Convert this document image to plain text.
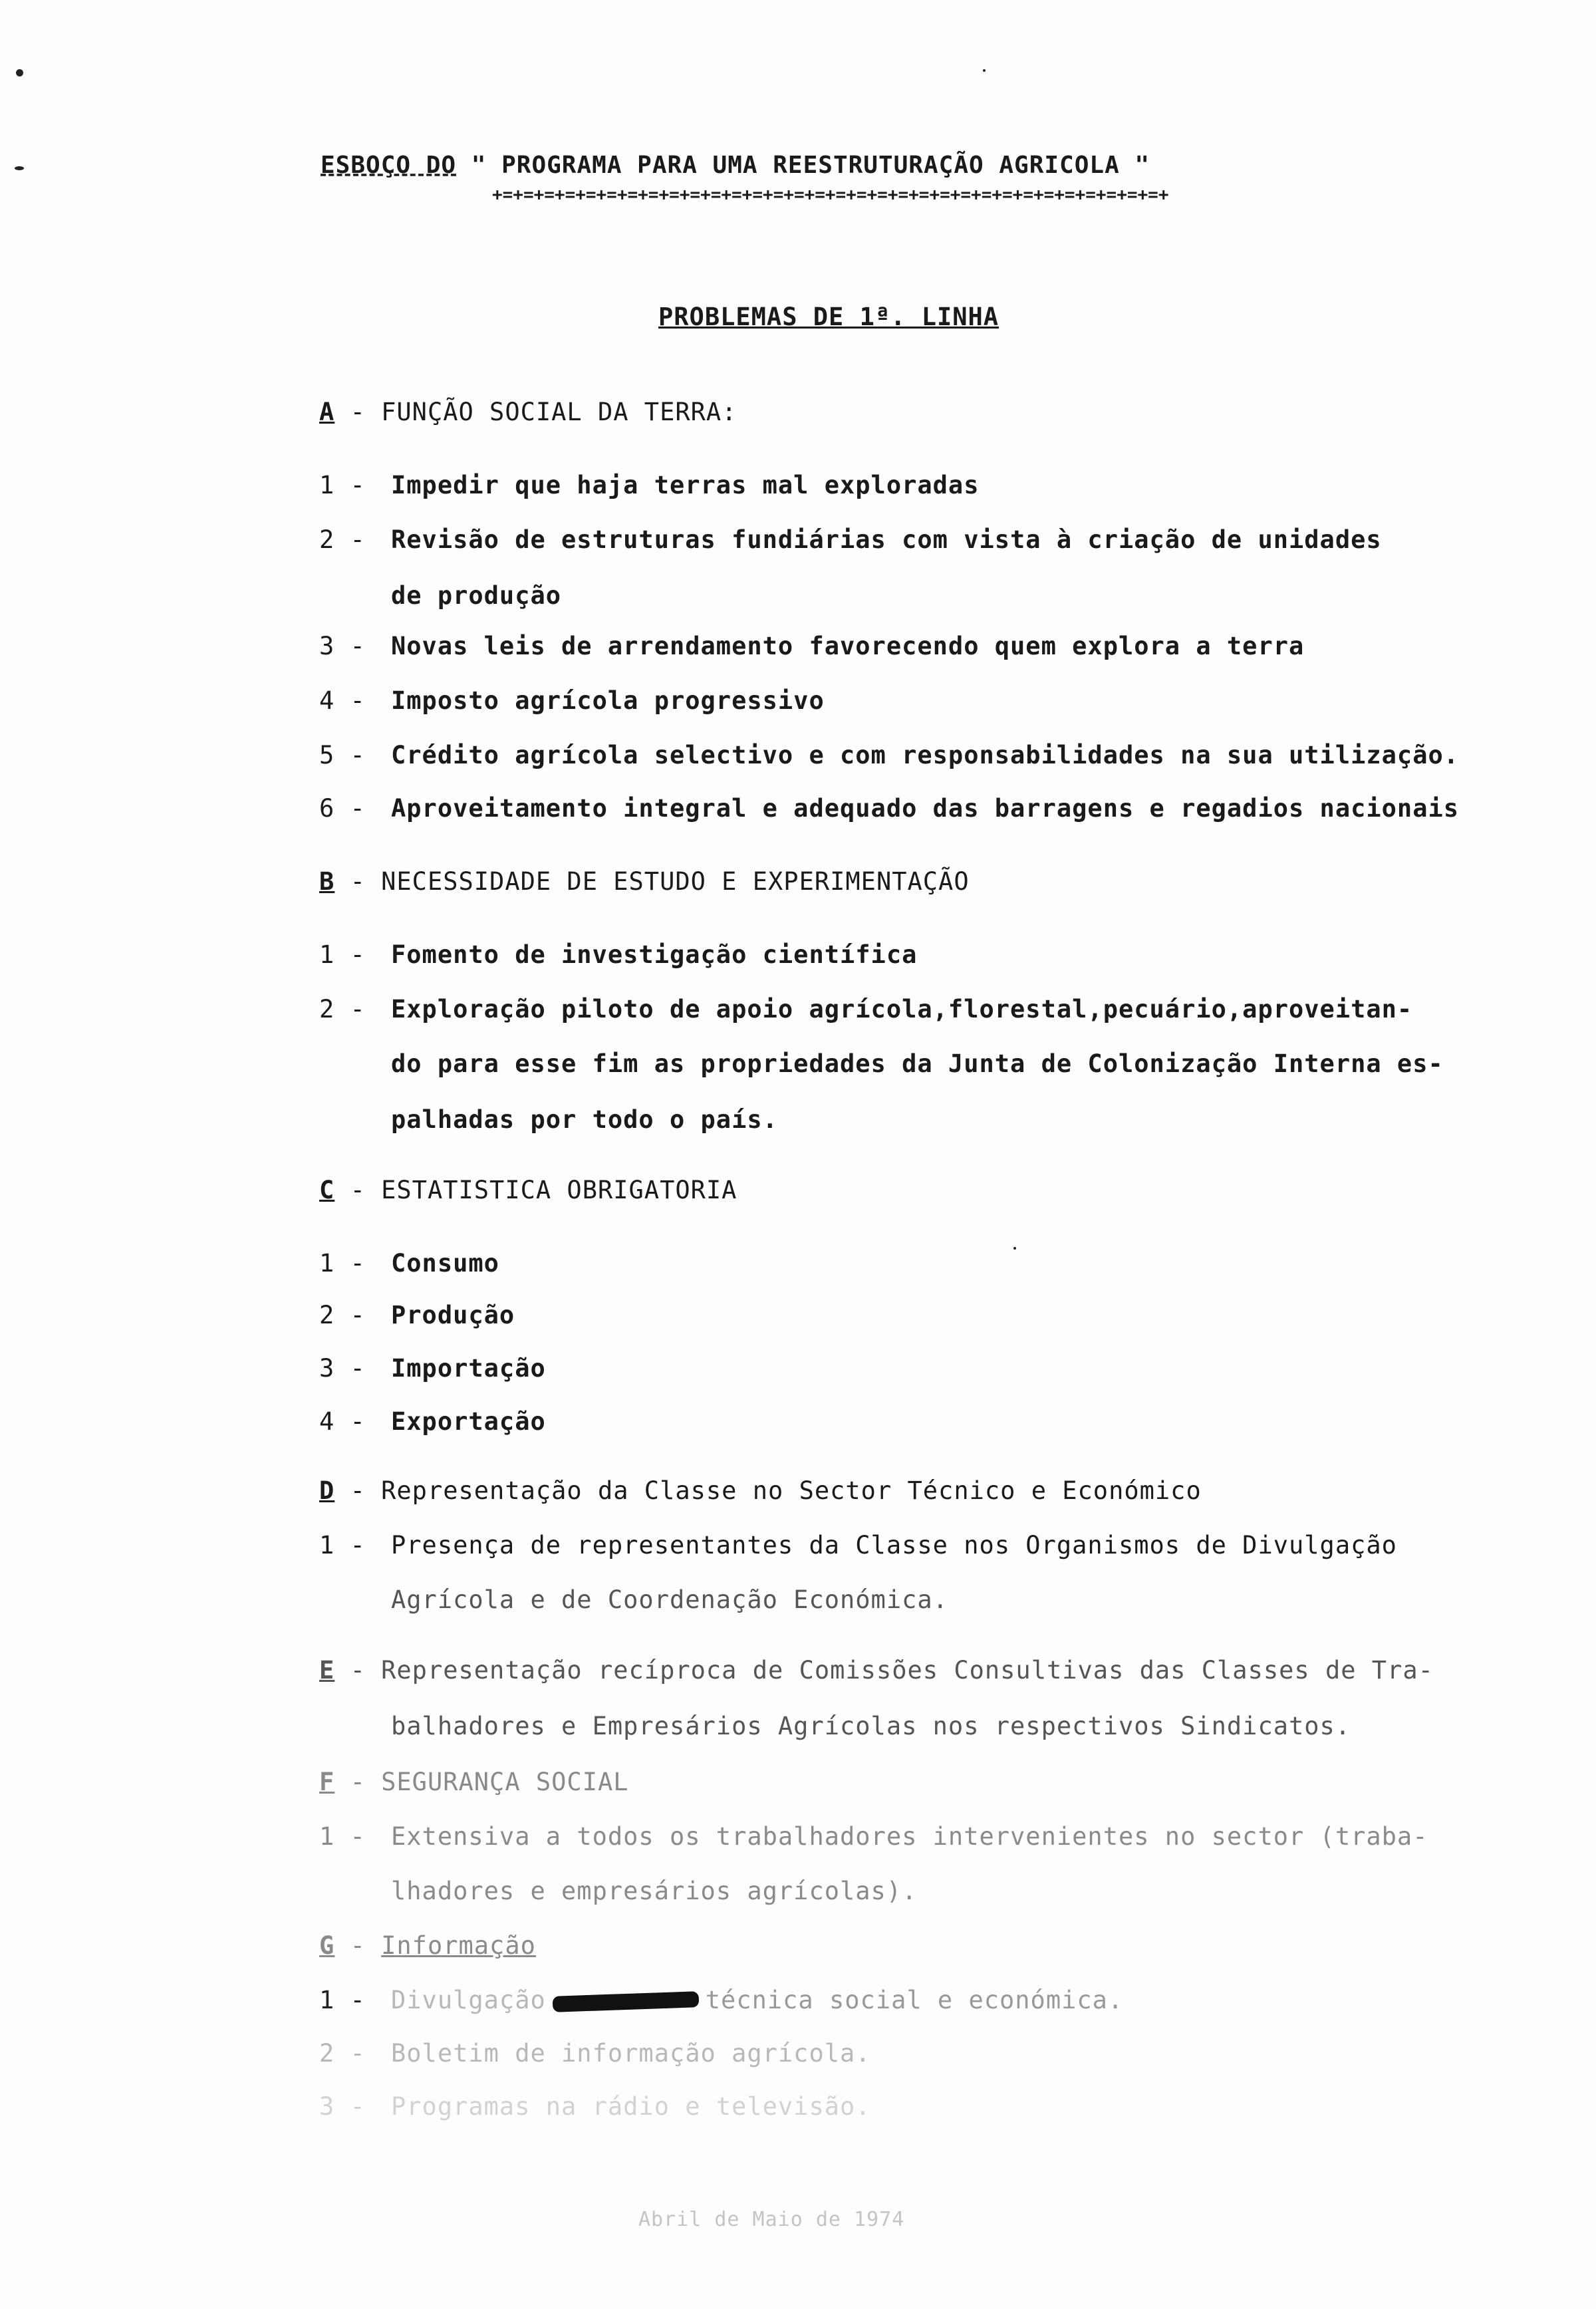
ESBOÇO DO " PROGRAMA PARA UMA REESTRUTURAÇÃO AGRICOLA "
+=+=+=+=+=+=+=+=+=+=+=+=+=+=+=+=+=+=+=+=+=+=+=+=+=+=+=+=+=+=+=+=+
PROBLEMAS DE 1ª. LINHA
A - FUNÇÃO SOCIAL DA TERRA:
1 - Impedir que haja terras mal exploradas
2 - Revisão de estruturas fundiárias com vista à criação de unidades
de produção
3 - Novas leis de arrendamento favorecendo quem explora a terra
4 - Imposto agrícola progressivo
5 - Crédito agrícola selectivo e com responsabilidades na sua utilização.
6 - Aproveitamento integral e adequado das barragens e regadios nacionais
B - NECESSIDADE DE ESTUDO E EXPERIMENTAÇÃO
1 - Fomento de investigação científica
2 - Exploração piloto de apoio agrícola,florestal,pecuário,aproveitan-
do para esse fim as propriedades da Junta de Colonização Interna es-
palhadas por todo o país.
C - ESTATISTICA OBRIGATORIA
1 - Consumo
2 - Produção
3 - Importação
4 - Exportação
D - Representação da Classe no Sector Técnico e Económico
1 - Presença de representantes da Classe nos Organismos de Divulgação
Agrícola e de Coordenação Económica.
E - Representação recíproca de Comissões Consultivas das Classes de Tra-
balhadores e Empresários Agrícolas nos respectivos Sindicatos.
F - SEGURANÇA SOCIAL
1 - Extensiva a todos os trabalhadores intervenientes no sector (traba-
lhadores e empresários agrícolas).
G - Informação
1 - Divulgação	técnica social e económica.
2 - Boletim de informação agrícola.
3 - Programas na rádio e televisão.
Abril de Maio de 1974
